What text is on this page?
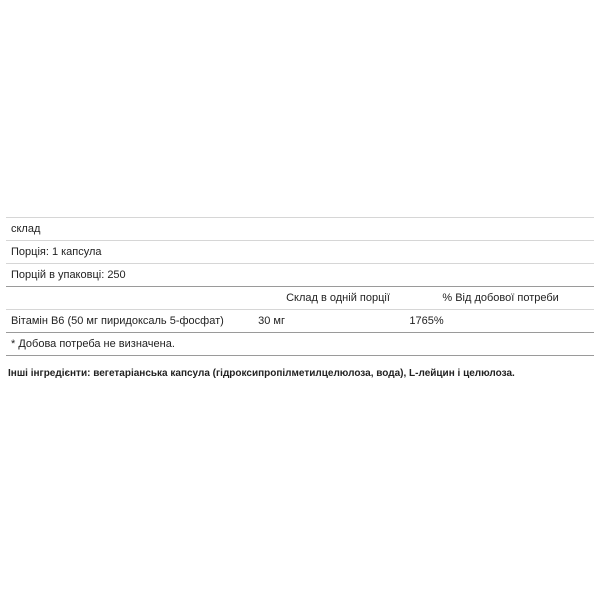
склад		
Порція: 1 капсула		
Порцій в упаковці: 250		
	Склад в одній порції	% Від добової потреби
Вітамін B6 (50 мг пиридоксаль 5-фосфат)	30 мг	1765%
* Добова потреба не визначена.		
Інші інгредієнти: вегетаріанська капсула (гідроксипропілметилцелюлоза, вода), L-лейцин і целюлоза.
